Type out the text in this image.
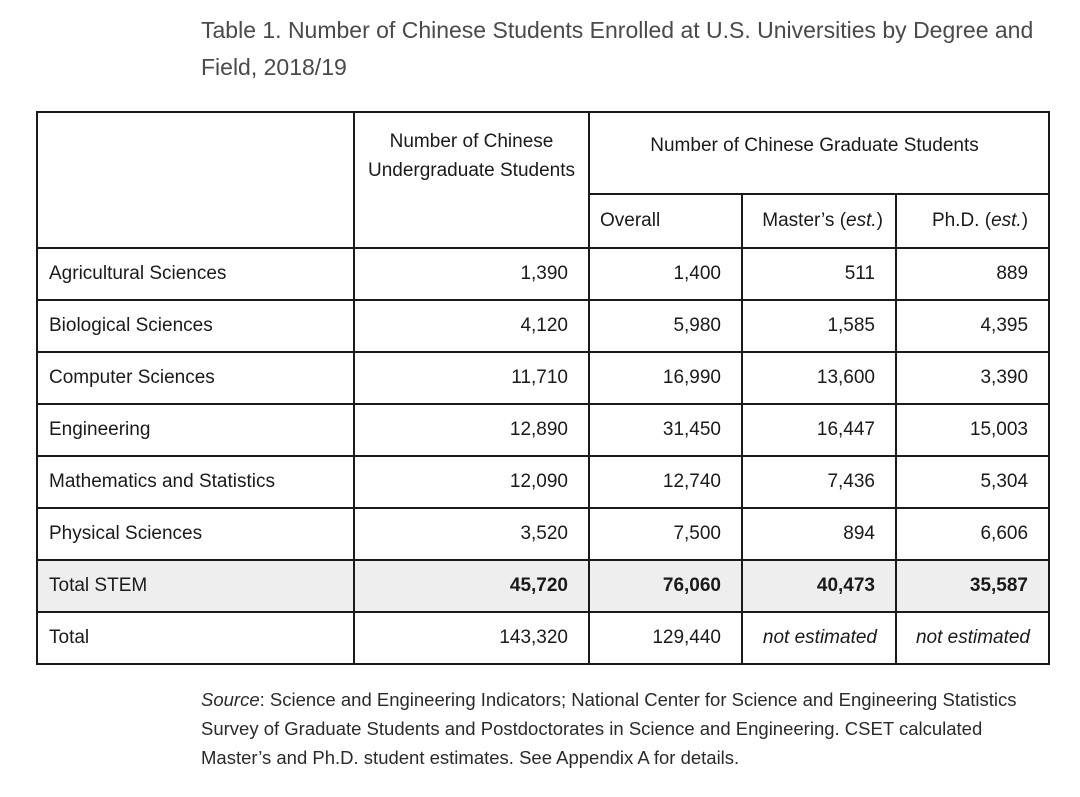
Table 1. Number of Chinese Students Enrolled at U.S. Universities by Degree and Field, 2018/19
	Number of Chinese Undergraduate Students	Number of Chinese Graduate Students		
		Overall	Master’s (est.)	Ph.D. (est.)
Agricultural Sciences	1,390	1,400	511	889
Biological Sciences	4,120	5,980	1,585	4,395
Computer Sciences	11,710	16,990	13,600	3,390
Engineering	12,890	31,450	16,447	15,003
Mathematics and Statistics	12,090	12,740	7,436	5,304
Physical Sciences	3,520	7,500	894	6,606
Total STEM	45,720	76,060	40,473	35,587
Total	143,320	129,440	not estimated	not estimated

Source: Science and Engineering Indicators; National Center for Science and Engineering Statistics Survey of Graduate Students and Postdoctorates in Science and Engineering. CSET calculated Master’s and Ph.D. student estimates. See Appendix A for details.
